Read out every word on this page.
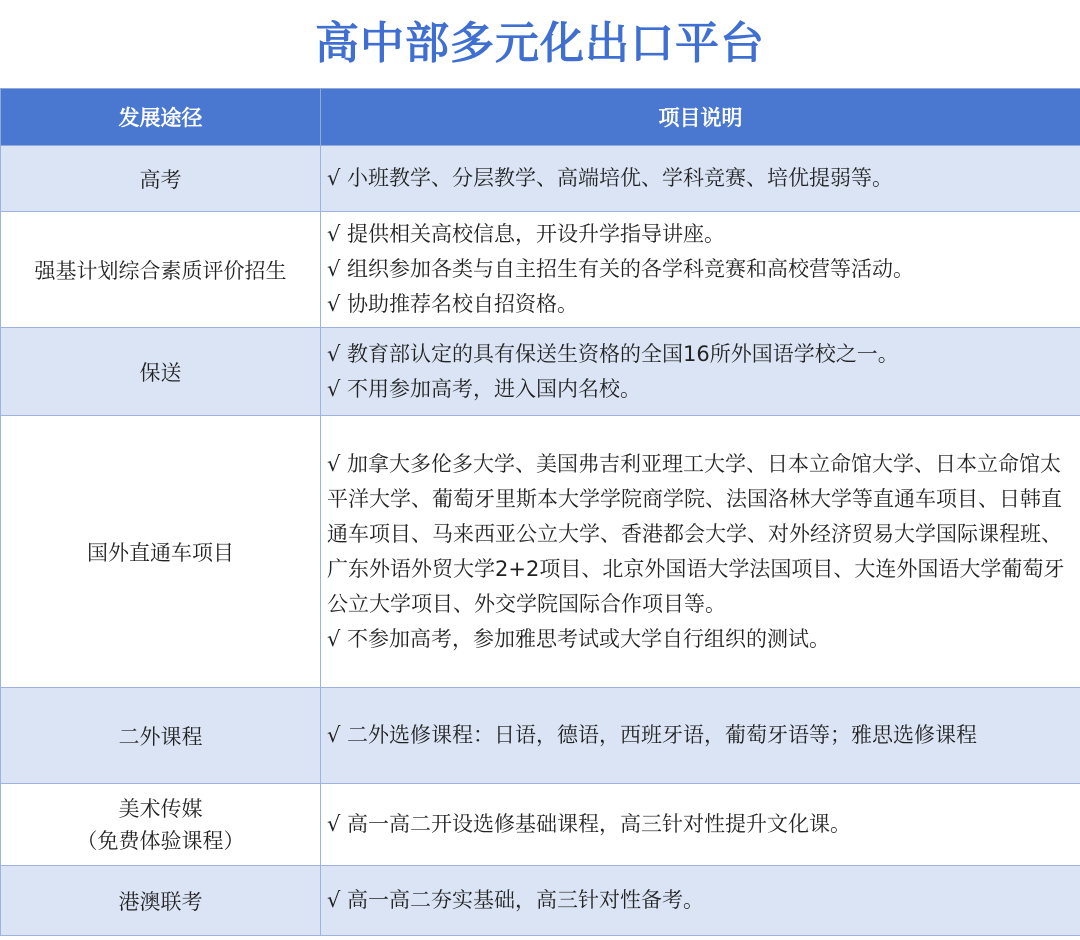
高中部多元化出口平台
发展途径	项目说明
高考	√ 小班教学、分层教学、高端培优、学科竞赛、培优提弱等。

强基计划综合素质评价招生	√ 提供相关高校信息，开设升学指导讲座。
√ 组织参加各类与自主招生有关的各学科竞赛和高校营等活动。
√ 协助推荐名校自招资格。

保送	√ 教育部认定的具有保送生资格的全国16所外国语学校之一。
√ 不用参加高考，进入国内名校。

国外直通车项目	√ 加拿大多伦多大学、美国弗吉利亚理工大学、日本立命馆大学、日本立命馆太平洋大学、葡萄牙里斯本大学学院商学院、法国洛林大学等直通车项目、日韩直通车项目、马来西亚公立大学、香港都会大学、对外经济贸易大学国际课程班、广东外语外贸大学2+2项目、北京外国语大学法国项目、大连外国语大学葡萄牙公立大学项目、外交学院国际合作项目等。
√ 不参加高考，参加雅思考试或大学自行组织的测试。

二外课程	√ 二外选修课程：日语，德语，西班牙语，葡萄牙语等；雅思选修课程

美术传媒
（免费体验课程）	√ 高一高二开设选修基础课程，高三针对性提升文化课。

港澳联考	√ 高一高二夯实基础，高三针对性备考。
